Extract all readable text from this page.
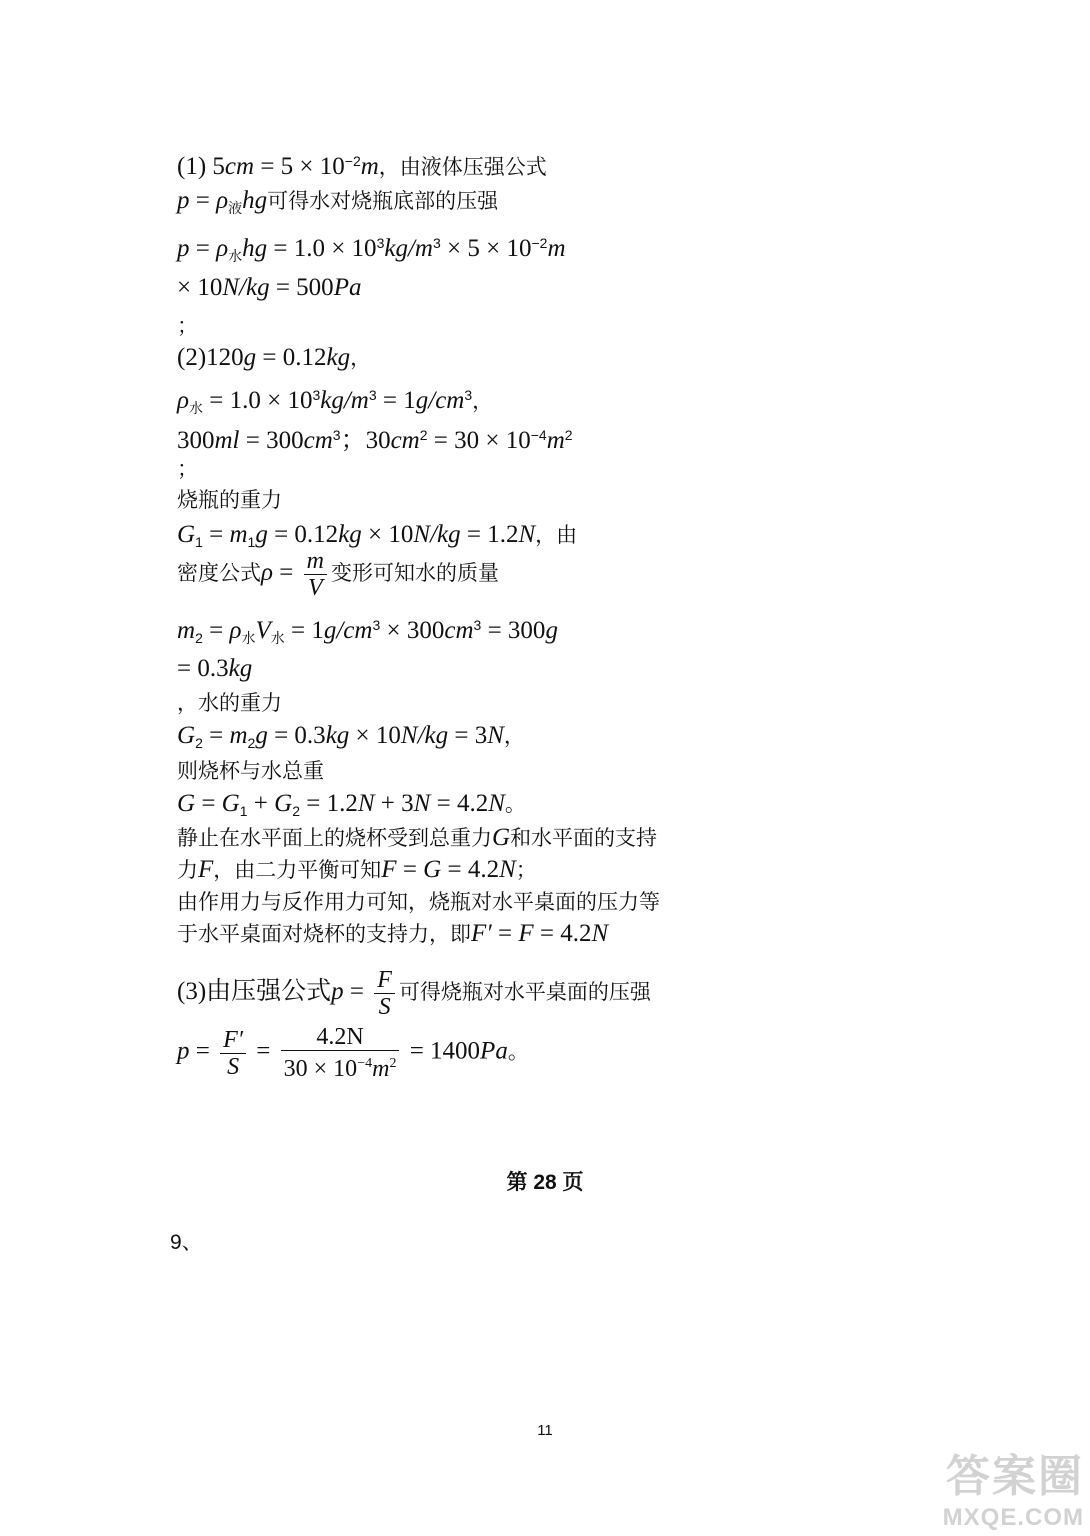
(1) $5cm = 5 \times 10^{-2}m$，由液体压强公式
$p = \rho_液hg$可得水对烧瓶底部的压强
$p = \rho_水hg = 1.0 \times 10^3kg/m^3 \times 5 \times 10^{-2}m$
× 10N/kg = 500Pa
；
(2)120g = 0.12kg，
$\rho_水 = 1.0 \times 10^3kg/m^3 = 1g/cm^3$，
$300ml = 300cm^3$；$30cm^2 = 30 \times 10^{-4}m^2$
；
烧瓶的重力
$G_1 = m_1g = 0.12kg \times 10N/kg = 1.2N$，由
密度公式$\rho = \frac{m}{V}$ 变形可知水的质量
$m_2 = \rho_水V_水 = 1g/cm^3 \times 300cm^3 = 300g$
= 0.3kg
，水的重力
$G_2 = m_2g = 0.3kg \times 10N/kg = 3N$，
则烧杯与水总重
$G = G_1 + G_2 = 1.2N + 3N = 4.2N$。
静止在水平面上的烧杯受到总重力G和水平面的支持
力F，由二力平衡可知F = G = 4.2N；
由作用力与反作用力可知，烧瓶对水平桌面的压力等
于水平桌面对烧杯的支持力，即F′ = F = 4.2N
(3)由压强公式$p = \frac{F}{S}$ 可得烧瓶对水平桌面的压强
$p = \frac{F'}{S} = \frac{4.2N}{30 \times 10^{-4}m^2} = 1400Pa$。
第 28 页
9、
11
答案圈
MXQE.COM
